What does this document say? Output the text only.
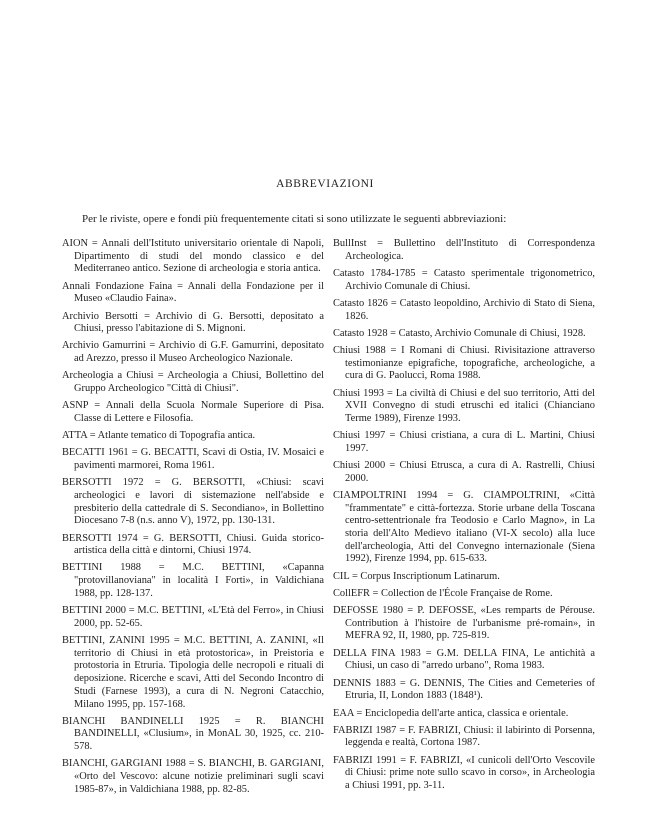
ABBREVIAZIONI
Per le riviste, opere e fondi più frequentemente citati si sono utilizzate le seguenti abbreviazioni:

AION = Annali dell'Istituto universitario orientale di Napoli, Dipartimento di studi del mondo classico e del Mediterraneo antico. Sezione di archeologia e storia antica.

Annali Fondazione Faina = Annali della Fondazione per il Museo «Claudio Faina».

Archivio Bersotti = Archivio di G. Bersotti, depositato a Chiusi, presso l'abitazione di S. Mignoni.

Archivio Gamurrini = Archivio di G.F. Gamurrini, depositato ad Arezzo, presso il Museo Archeologico Nazionale.

Archeologia a Chiusi = Archeologia a Chiusi, Bollettino del Gruppo Archeologico "Città di Chiusi".

ASNP = Annali della Scuola Normale Superiore di Pisa. Classe di Lettere e Filosofia.

ATTA = Atlante tematico di Topografia antica.

BECATTI 1961 = G. BECATTI, Scavi di Ostia, IV. Mosaici e pavimenti marmorei, Roma 1961.

BERSOTTI 1972 = G. BERSOTTI, «Chiusi: scavi archeologici e lavori di sistemazione nell'abside e presbiterio della cattedrale di S. Secondiano», in Bollettino Diocesano 7-8 (n.s. anno V), 1972, pp. 130-131.

BERSOTTI 1974 = G. BERSOTTI, Chiusi. Guida storico-artistica della città e dintorni, Chiusi 1974.

BETTINI 1988 = M.C. BETTINI, «Capanna "protovillanoviana" in località I Forti», in Valdichiana 1988, pp. 128-137.

BETTINI 2000 = M.C. BETTINI, «L'Età del Ferro», in Chiusi 2000, pp. 52-65.

BETTINI, ZANINI 1995 = M.C. BETTINI, A. ZANINI, «Il territorio di Chiusi in età protostorica», in Preistoria e protostoria in Etruria. Tipologia delle necropoli e rituali di deposizione. Ricerche e scavi, Atti del Secondo Incontro di Studi (Farnese 1993), a cura di N. Negroni Catacchio, Milano 1995, pp. 157-168.

BIANCHI BANDINELLI 1925 = R. BIANCHI BANDINELLI, «Clusium», in MonAL 30, 1925, cc. 210-578.

BIANCHI, GARGIANI 1988 = S. BIANCHI, B. GARGIANI, «Orto del Vescovo: alcune notizie preliminari sugli scavi 1985-87», in Valdichiana 1988, pp. 82-85.

BullInst = Bullettino dell'Instituto di Correspondenza Archeologica.

Catasto 1784-1785 = Catasto sperimentale trigonometrico, Archivio Comunale di Chiusi.

Catasto 1826 = Catasto leopoldino, Archivio di Stato di Siena, 1826.

Catasto 1928 = Catasto, Archivio Comunale di Chiusi, 1928.

Chiusi 1988 = I Romani di Chiusi. Rivisitazione attraverso testimonianze epigrafiche, topografiche, archeologiche, a cura di G. Paolucci, Roma 1988.

Chiusi 1993 = La civiltà di Chiusi e del suo territorio, Atti del XVII Convegno di studi etruschi ed italici (Chianciano Terme 1989), Firenze 1993.

Chiusi 1997 = Chiusi cristiana, a cura di L. Martini, Chiusi 1997.

Chiusi 2000 = Chiusi Etrusca, a cura di A. Rastrelli, Chiusi 2000.

CIAMPOLTRINI 1994 = G. CIAMPOLTRINI, «Città "frammentate" e città-fortezza. Storie urbane della Toscana centro-settentrionale fra Teodosio e Carlo Magno», in La storia dell'Alto Medievo italiano (VI-X secolo) alla luce dell'archeologia, Atti del Convegno internazionale (Siena 1992), Firenze 1994, pp. 615-633.

CIL = Corpus Inscriptionum Latinarum.

CollEFR = Collection de l'École Française de Rome.

DEFOSSE 1980 = P. DEFOSSE, «Les remparts de Pérouse. Contribution à l'histoire de l'urbanisme pré-romain», in MEFRA 92, II, 1980, pp. 725-819.

DELLA FINA 1983 = G.M. DELLA FINA, Le antichità a Chiusi, un caso di "arredo urbano", Roma 1983.

DENNIS 1883 = G. DENNIS, The Cities and Cemeteries of Etruria, II, London 1883 (1848¹).

EAA = Enciclopedia dell'arte antica, classica e orientale.

FABRIZI 1987 = F. FABRIZI, Chiusi: il labirinto di Porsenna, leggenda e realtà, Cortona 1987.

FABRIZI 1991 = F. FABRIZI, «I cunicoli dell'Orto Vescovile di Chiusi: prime note sullo scavo in corso», in Archeologia a Chiusi 1991, pp. 3-11.
